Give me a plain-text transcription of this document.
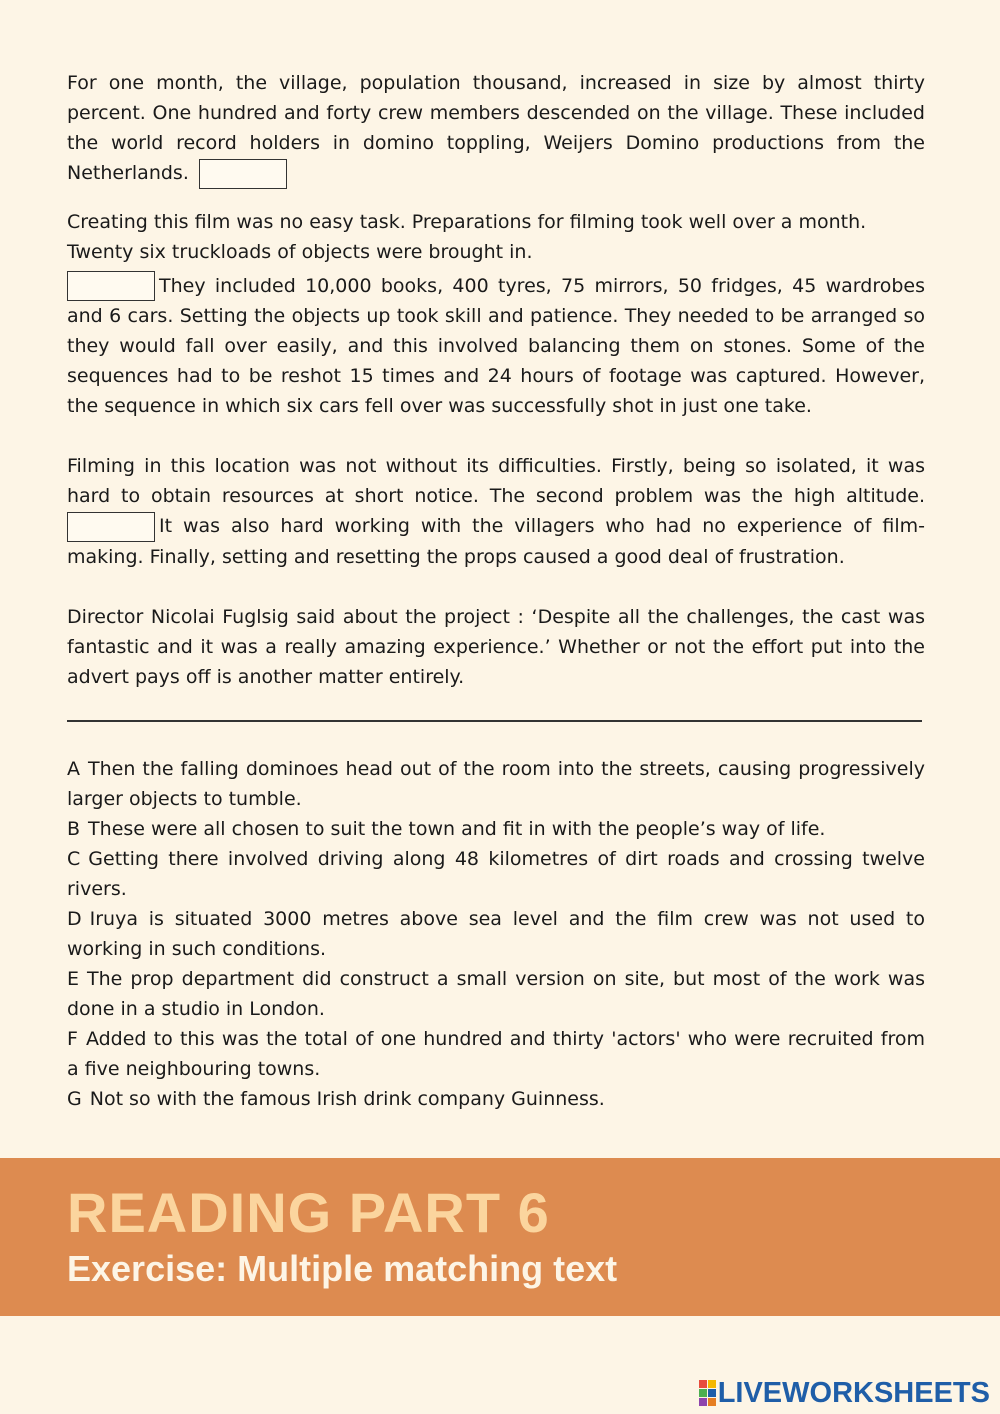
For one month, the village, population thousand, increased in size by almost thirty percent. One hundred and forty crew members descended on the village. These included the world record holders in domino toppling, Weijers Domino productions from the Netherlands.

Creating this film was no easy task. Preparations for filming took well over a month. Twenty six truckloads of objects were brought in.

They included 10,000 books, 400 tyres, 75 mirrors, 50 fridges, 45 wardrobes and 6 cars. Setting the objects up took skill and patience. They needed to be arranged so they would fall over easily, and this involved balancing them on stones. Some of the sequences had to be reshot 15 times and 24 hours of footage was captured. However, the sequence in which six cars fell over was successfully shot in just one take.

Filming in this location was not without its difficulties. Firstly, being so isolated, it was hard to obtain resources at short notice. The second problem was the high altitude. It was also hard working with the villagers who had no experience of film-making. Finally, setting and resetting the props caused a good deal of frustration.

Director Nicolai Fuglsig said about the project : ‘Despite all the challenges, the cast was fantastic and it was a really amazing experience.’ Whether or not the effort put into the advert pays off is another matter entirely.

A Then the falling dominoes head out of the room into the streets, causing progressively larger objects to tumble.

B These were all chosen to suit the town and fit in with the people’s way of life.

C Getting there involved driving along 48 kilometres of dirt roads and crossing twelve rivers.

D Iruya is situated 3000 metres above sea level and the film crew was not used to working in such conditions.

E The prop department did construct a small version on site, but most of the work was done in a studio in London.

F Added to this was the total of one hundred and thirty 'actors' who were recruited from a five neighbouring towns.

G Not so with the famous Irish drink company Guinness.

READING PART 6
Exercise: Multiple matching text
LIVEWORKSHEETS
